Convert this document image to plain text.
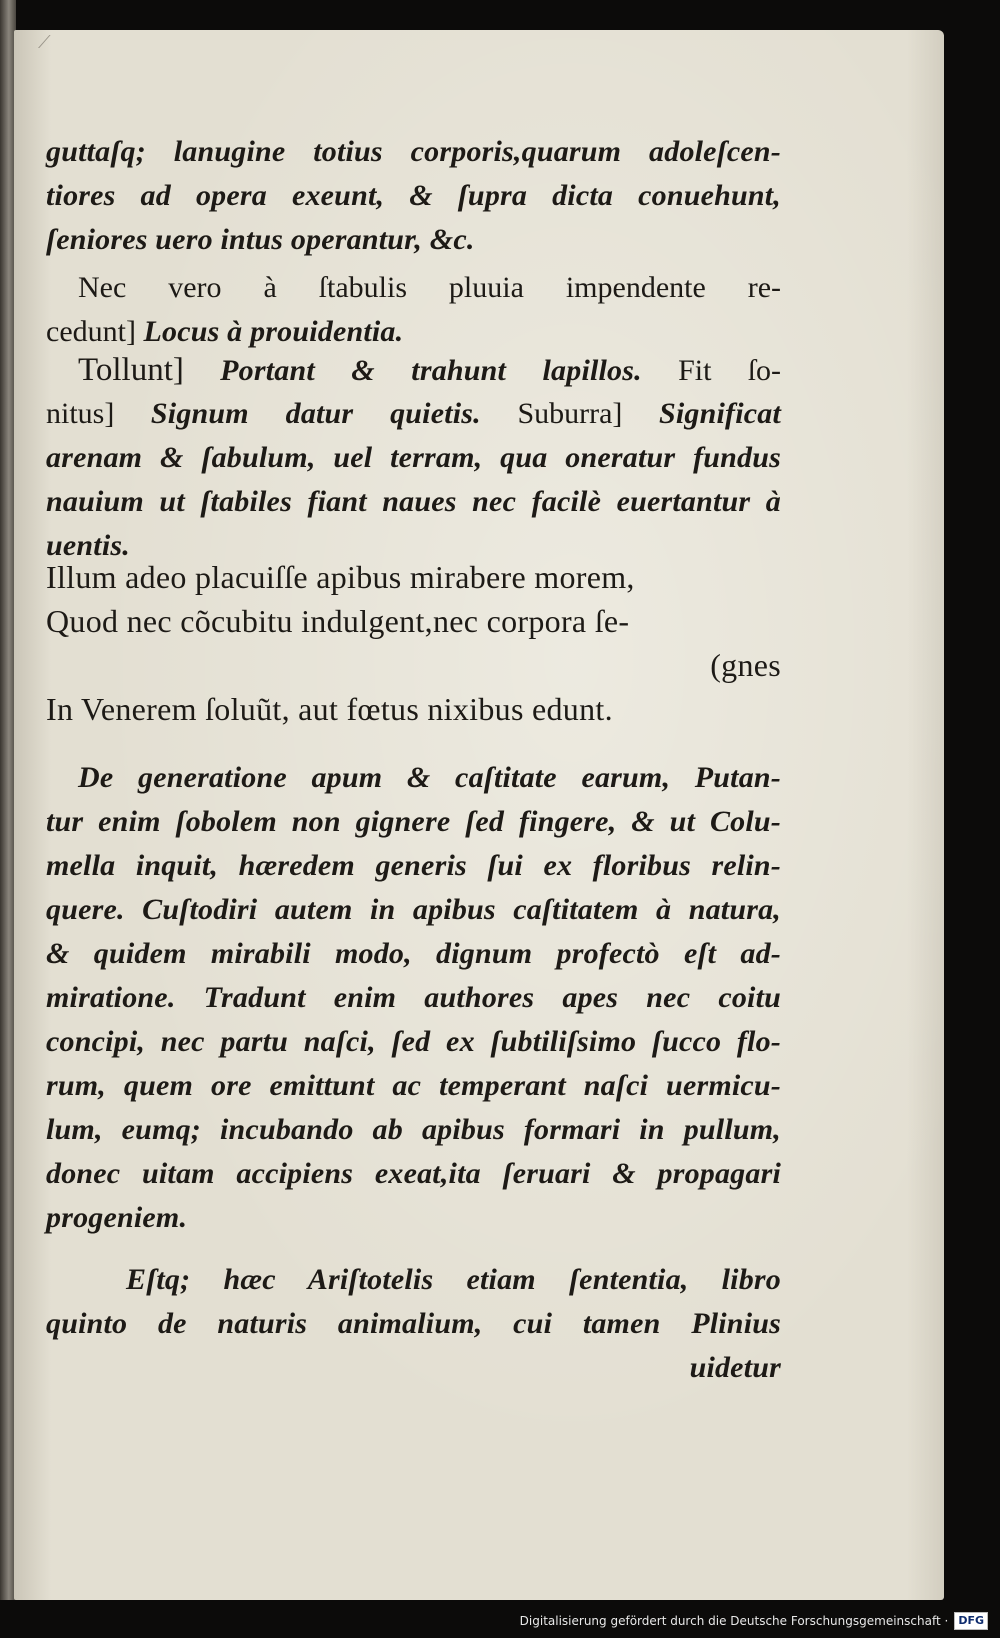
⟋
guttaſq; lanugine totius corporis,quarum adoleſcen-
tiores ad opera exeunt, & ſupra dicta conuehunt,
ſeniores uero intus operantur, &c.
Nec vero à ſtabulis pluuia impendente re-
cedunt] Locus à prouidentia.
Tollunt] Portant & trahunt lapillos. Fit ſo-
nitus] Signum datur quietis. Suburra] Significat
arenam & ſabulum, uel terram, qua oneratur fundus
nauium ut ſtabiles fiant naues nec facilè euertantur à
uentis.
Illum adeo placuiſſe apibus mirabere morem,
Quod nec cõcubitu indulgent,nec corpora ſe-
(gnes
In Venerem ſoluũt, aut fœtus nixibus edunt.
De generatione apum & caſtitate earum, Putan-
tur enim ſobolem non gignere ſed fingere, & ut Colu-
mella inquit, hæredem generis ſui ex floribus relin-
quere. Cuſtodiri autem in apibus caſtitatem à natura,
& quidem mirabili modo, dignum profectò eſt ad-
miratione. Tradunt enim authores apes nec coitu
concipi, nec partu naſci, ſed ex ſubtiliſsimo ſucco flo-
rum, quem ore emittunt ac temperant naſci uermicu-
lum, eumq; incubando ab apibus formari in pullum,
donec uitam accipiens exeat,ita ſeruari & propagari
progeniem.
Eſtq; hæc Ariſtotelis etiam ſententia, libro
quinto de naturis animalium, cui tamen Plinius
uidetur
Digitalisierung gefördert durch die Deutsche Forschungsgemeinschaft · DFG
